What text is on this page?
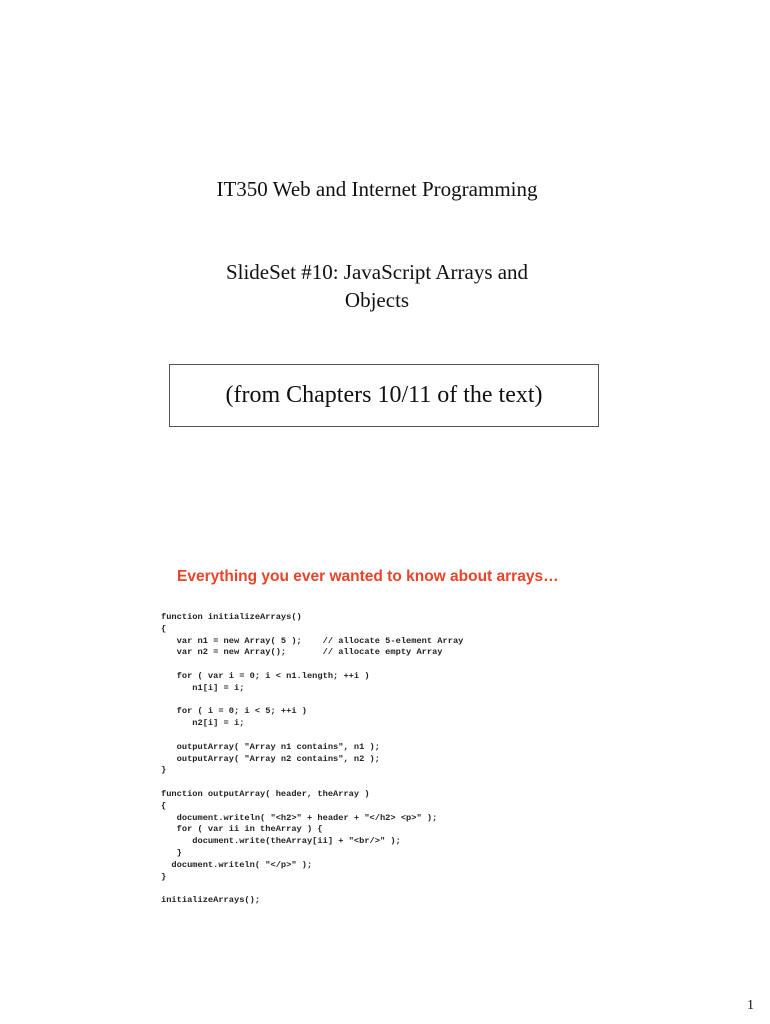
IT350 Web and Internet Programming
SlideSet #10: JavaScript Arrays and
Objects
(from Chapters 10/11 of the text)
Everything you ever wanted to know about arrays…
function initializeArrays()
{
var n1 = new Array( 5 );    // allocate 5-element Array
var n2 = new Array();       // allocate empty Array
for ( var i = 0; i < n1.length; ++i )
n1[i] = i;
for ( i = 0; i < 5; ++i )
n2[i] = i;
outputArray( "Array n1 contains", n1 );
outputArray( "Array n2 contains", n2 );
}
function outputArray( header, theArray )
{
document.writeln( "<h2>" + header + "</h2> <p>" );
for ( var ii in theArray ) {
document.write(theArray[ii] + "<br/>" );
}
document.writeln( "</p>" );
}
initializeArrays();
1
